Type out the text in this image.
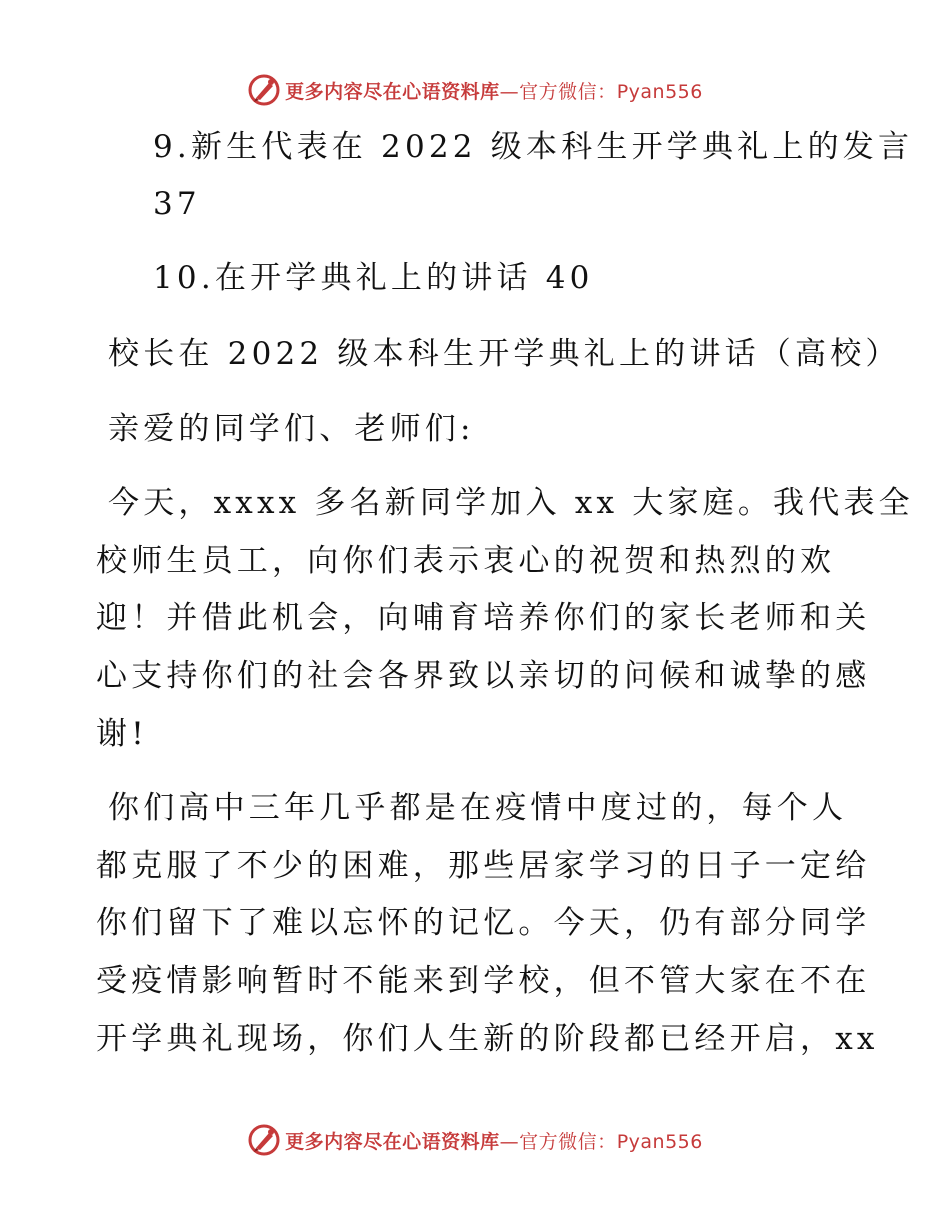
更多内容尽在心语资料库—官方微信：Pyan556
9.新生代表在 2022 级本科生开学典礼上的发言
37
10.在开学典礼上的讲话 40
校长在 2022 级本科生开学典礼上的讲话（高校）
亲爱的同学们、老师们:
今天，xxxx 多名新同学加入 xx 大家庭。我代表全
校师生员工，向你们表示衷心的祝贺和热烈的欢
迎！并借此机会，向哺育培养你们的家长老师和关
心支持你们的社会各界致以亲切的问候和诚挚的感
谢!
你们高中三年几乎都是在疫情中度过的，每个人
都克服了不少的困难，那些居家学习的日子一定给
你们留下了难以忘怀的记忆。今天，仍有部分同学
受疫情影响暂时不能来到学校，但不管大家在不在
开学典礼现场，你们人生新的阶段都已经开启，xx
更多内容尽在心语资料库—官方微信：Pyan556
